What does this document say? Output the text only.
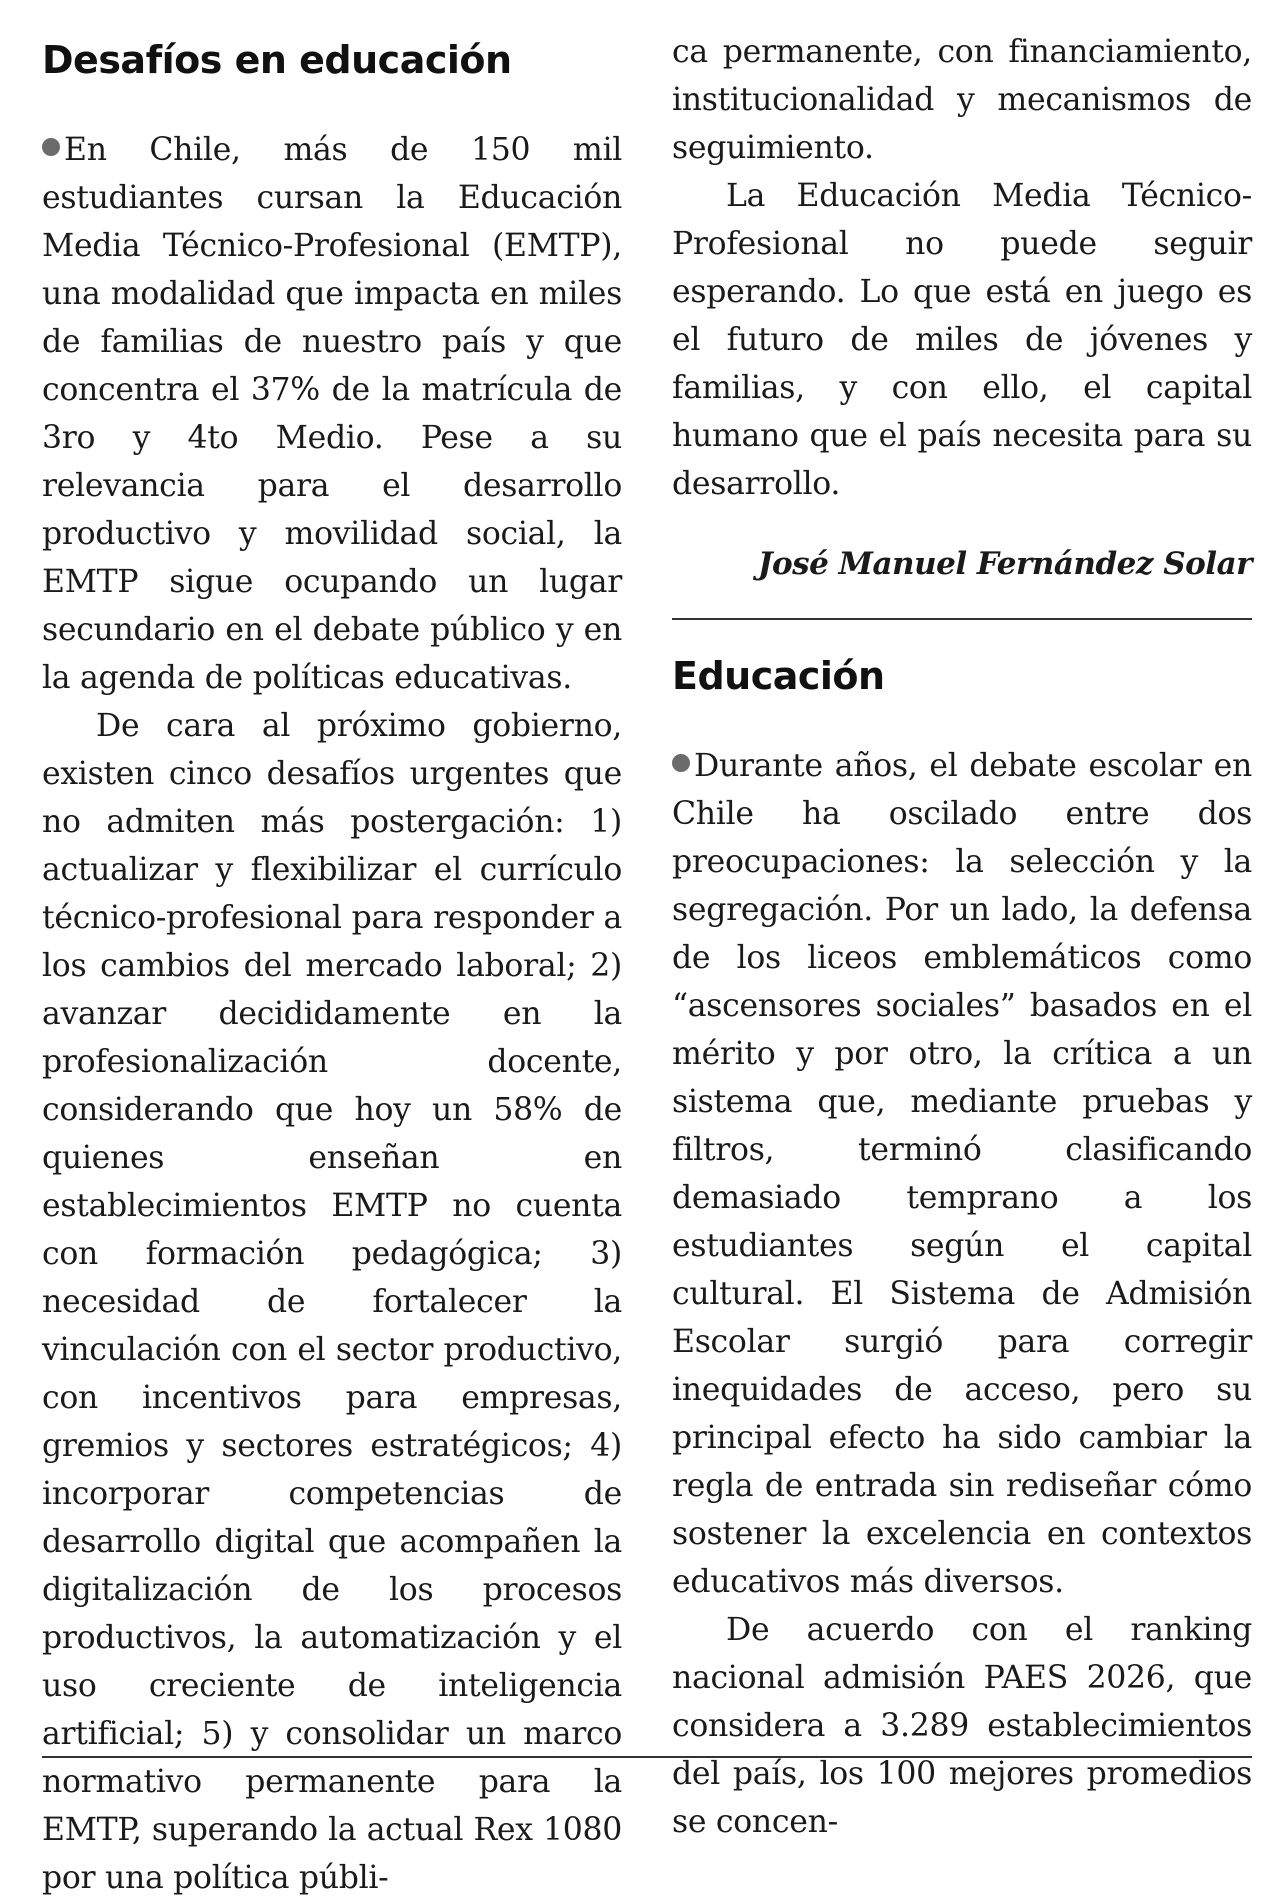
Desafíos en educación

En Chile, más de 150 mil estudiantes cursan la Educación Media Técnico-Profesional (EMTP), una modalidad que impacta en miles de familias de nuestro país y que concentra el 37% de la matrícula de 3ro y 4to Medio. Pese a su relevancia para el desarrollo productivo y movilidad social, la EMTP sigue ocupando un lugar secundario en el debate público y en la agenda de políticas educativas.

De cara al próximo gobierno, existen cinco desafíos urgentes que no admiten más postergación: 1) actualizar y flexibilizar el currículo técnico-profesional para responder a los cambios del mercado laboral; 2) avanzar decididamente en la profesionalización docente, considerando que hoy un 58% de quienes enseñan en establecimientos EMTP no cuenta con formación pedagógica; 3) necesidad de fortalecer la vinculación con el sector productivo, con incentivos para empresas, gremios y sectores estratégicos; 4) incorporar competencias de desarrollo digital que acompañen la digitalización de los procesos productivos, la automatización y el uso creciente de inteligencia artificial; 5) y consolidar un marco normativo permanente para la EMTP, superando la actual Rex 1080 por una política públi-

ca permanente, con financiamiento, institucionalidad y mecanismos de seguimiento.

La Educación Media Técnico-Profesional no puede seguir esperando. Lo que está en juego es el futuro de miles de jóvenes y familias, y con ello, el capital humano que el país necesita para su desarrollo.

José Manuel Fernández Solar

Educación

Durante años, el debate escolar en Chile ha oscilado entre dos preocupaciones: la selección y la segregación. Por un lado, la defensa de los liceos emblemáticos como “ascensores sociales” basados en el mérito y por otro, la crítica a un sistema que, mediante pruebas y filtros, terminó clasificando demasiado temprano a los estudiantes según el capital cultural. El Sistema de Admisión Escolar surgió para corregir inequidades de acceso, pero su principal efecto ha sido cambiar la regla de entrada sin rediseñar cómo sostener la excelencia en contextos educativos más diversos.

De acuerdo con el ranking nacional admisión PAES 2026, que considera a 3.289 establecimientos del país, los 100 mejores promedios se concen-
